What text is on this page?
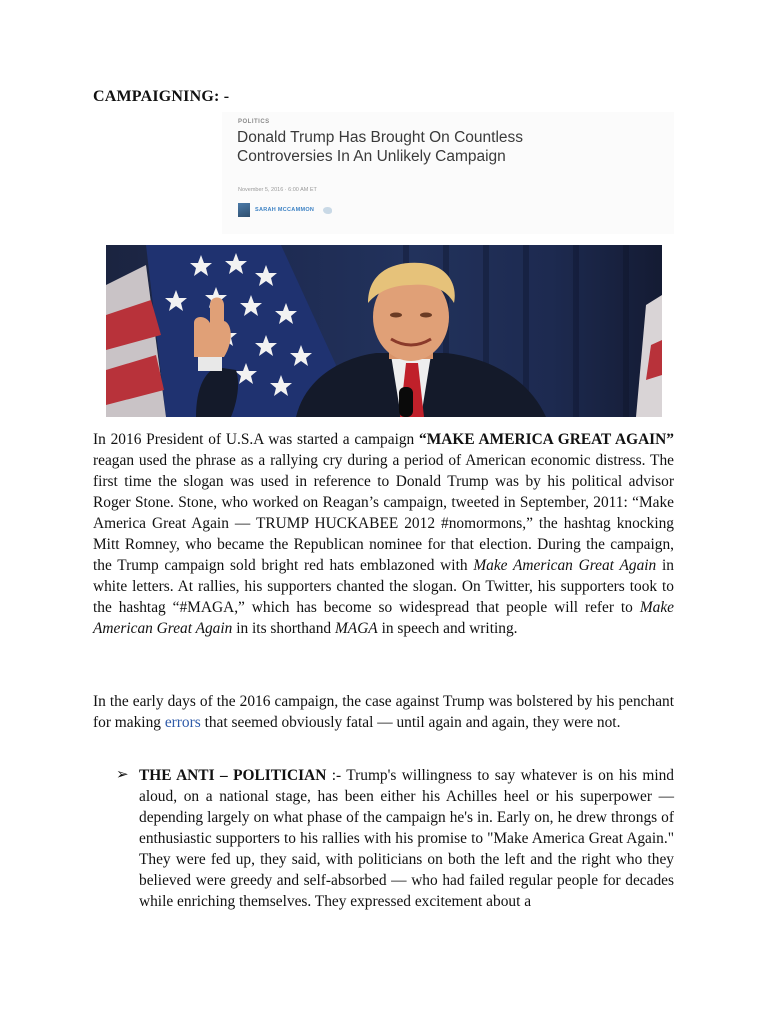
CAMPAIGNING: -
POLITICS
Donald Trump Has Brought On Countless Controversies In An Unlikely Campaign
November 5, 2016 · 6:00 AM ET
SARAH MCCAMMON

In 2016 President of U.S.A was started a campaign “MAKE AMERICA GREAT AGAIN” reagan used the phrase as a rallying cry during a period of American economic distress. The first time the slogan was used in reference to Donald Trump was by his political advisor Roger Stone. Stone, who worked on Reagan’s campaign, tweeted in September, 2011: “Make America Great Again — TRUMP HUCKABEE 2012 #nomormons,” the hashtag knocking Mitt Romney, who became the Republican nominee for that election. During the campaign, the Trump campaign sold bright red hats emblazoned with Make American Great Again in white letters. At rallies, his supporters chanted the slogan. On Twitter, his supporters took to the hashtag “#MAGA,” which has become so widespread that people will refer to Make American Great Again in its shorthand MAGA in speech and writing.

In the early days of the 2016 campaign, the case against Trump was bolstered by his penchant for making errors that seemed obviously fatal — until again and again, they were not.

➢ THE ANTI – POLITICIAN :- Trump's willingness to say whatever is on his mind aloud, on a national stage, has been either his Achilles heel or his superpower — depending largely on what phase of the campaign he's in. Early on, he drew throngs of enthusiastic supporters to his rallies with his promise to "Make America Great Again." They were fed up, they said, with politicians on both the left and the right who they believed were greedy and self-absorbed — who had failed regular people for decades while enriching themselves. They expressed excitement about a
